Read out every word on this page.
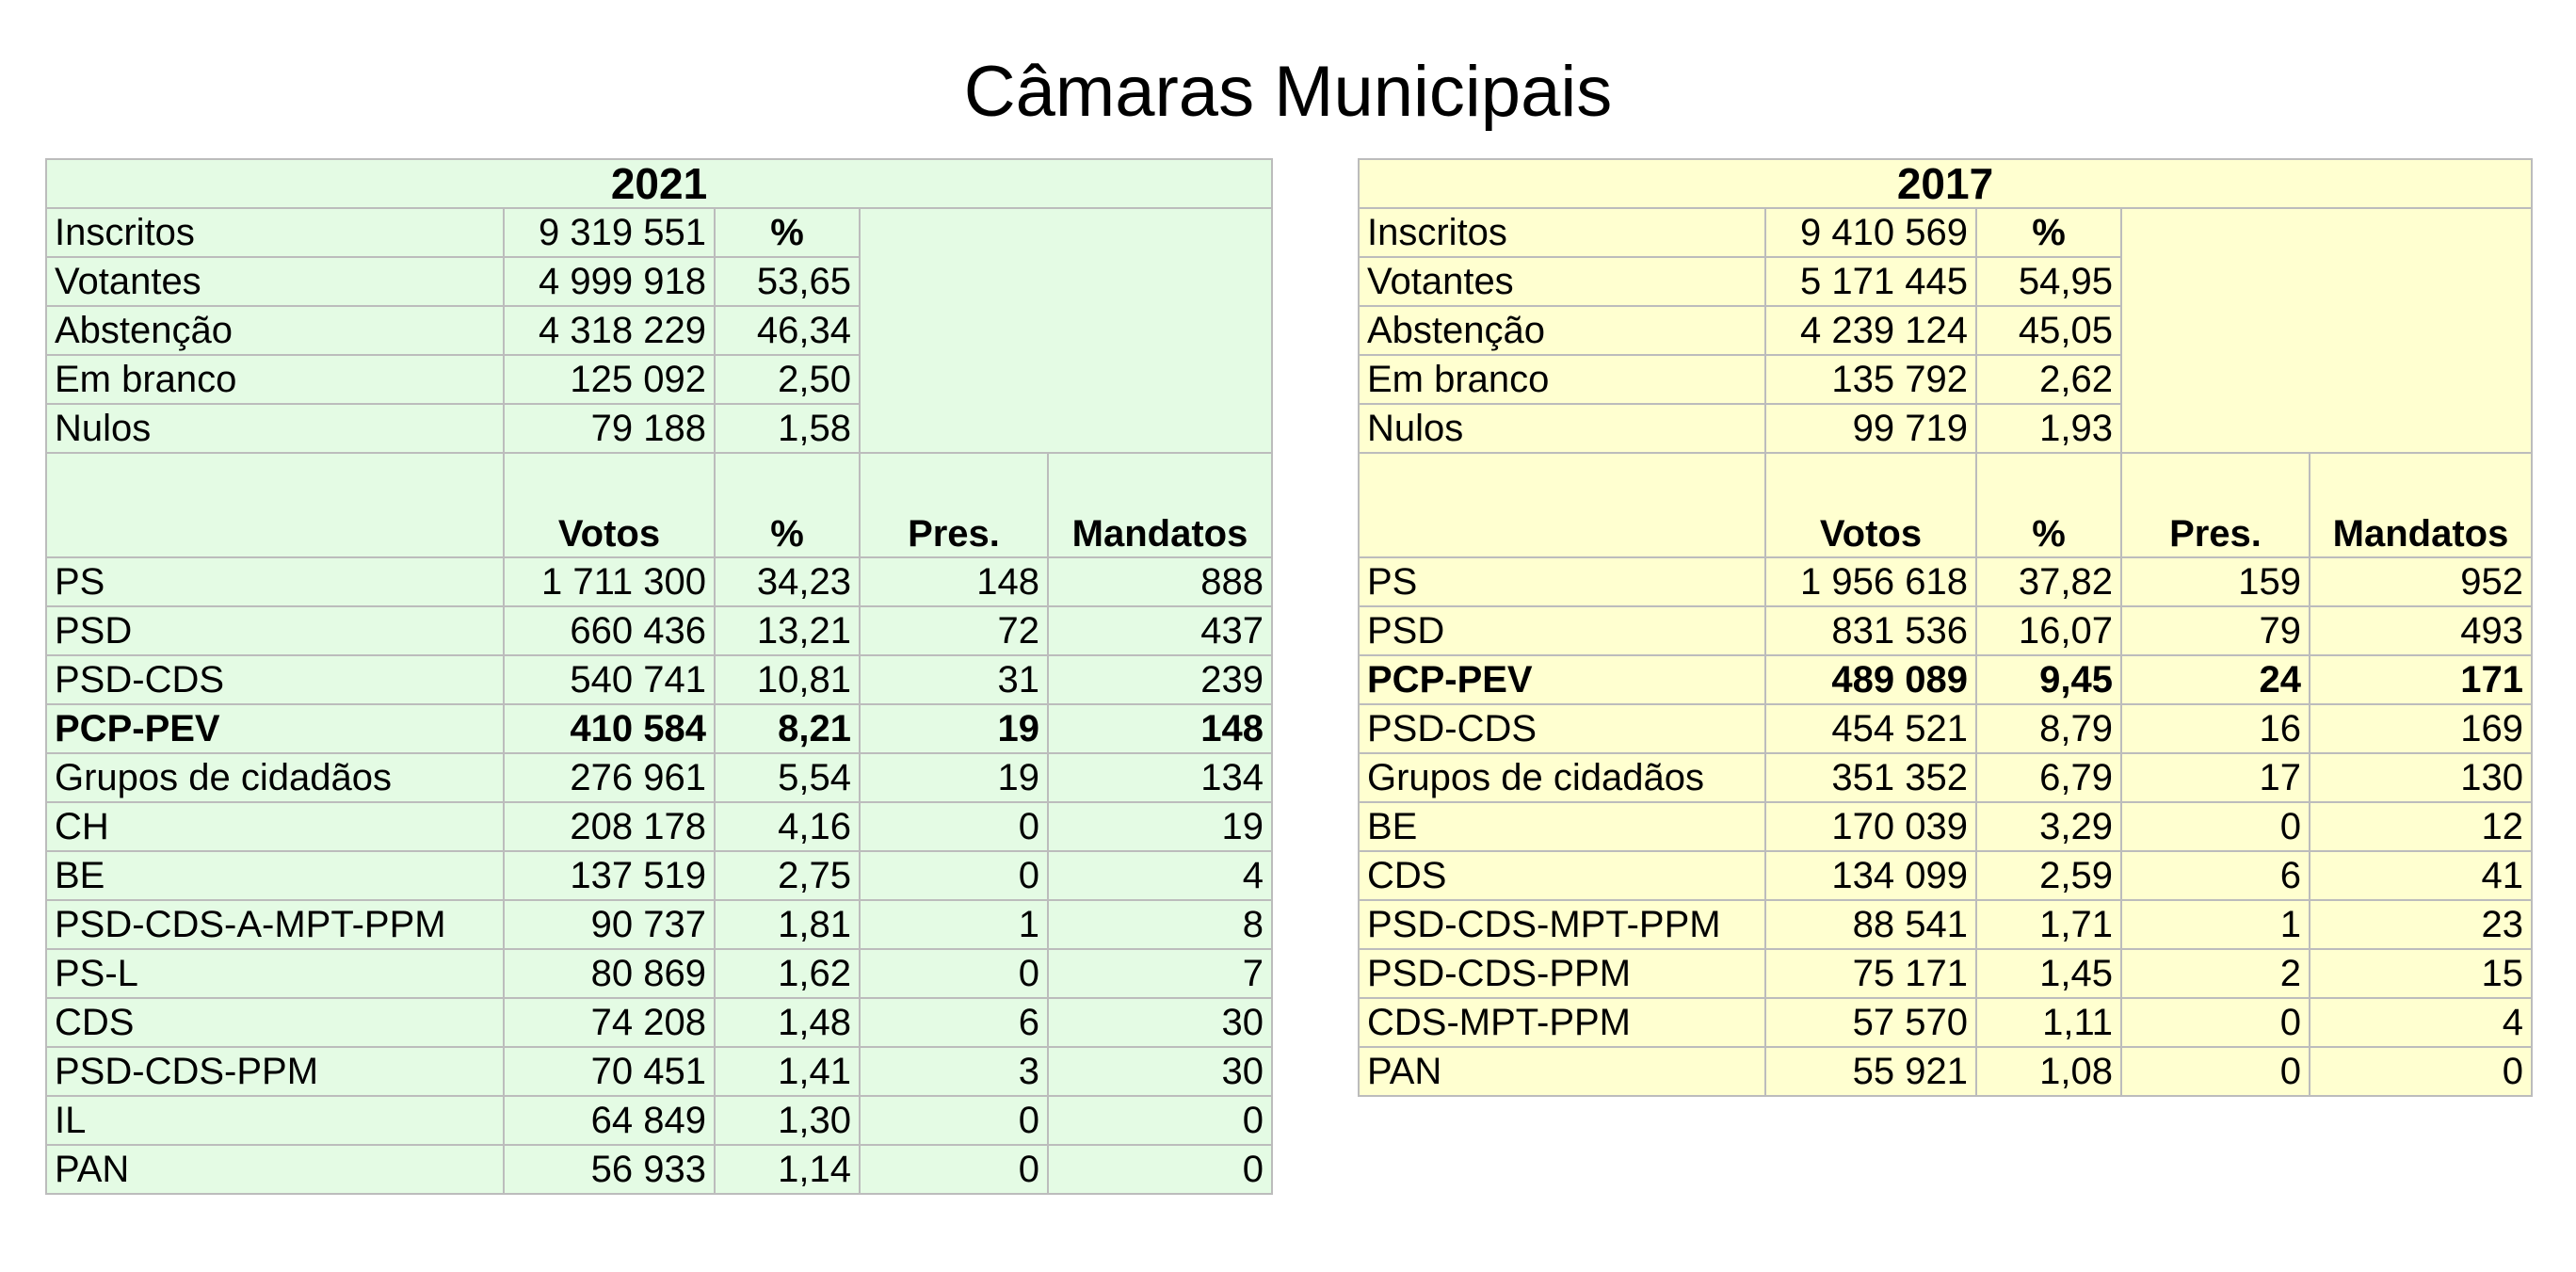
Câmaras Municipais
2021				
Inscritos	9 319 551	%		
Votantes	4 999 918	53,65		
Abstenção	4 318 229	46,34		
Em branco	125 092	2,50		
Nulos	79 188	1,58		
	Votos	%	Pres.	Mandatos
PS	1 711 300	34,23	148	888
PSD	660 436	13,21	72	437
PSD-CDS	540 741	10,81	31	239
PCP-PEV	410 584	8,21	19	148
Grupos de cidadãos	276 961	5,54	19	134
CH	208 178	4,16	0	19
BE	137 519	2,75	0	4
PSD-CDS-A-MPT-PPM	90 737	1,81	1	8
PS-L	80 869	1,62	0	7
CDS	74 208	1,48	6	30
PSD-CDS-PPM	70 451	1,41	3	30
IL	64 849	1,30	0	0
PAN	56 933	1,14	0	0
2017				
Inscritos	9 410 569	%		
Votantes	5 171 445	54,95		
Abstenção	4 239 124	45,05		
Em branco	135 792	2,62		
Nulos	99 719	1,93		
	Votos	%	Pres.	Mandatos
PS	1 956 618	37,82	159	952
PSD	831 536	16,07	79	493
PCP-PEV	489 089	9,45	24	171
PSD-CDS	454 521	8,79	16	169
Grupos de cidadãos	351 352	6,79	17	130
BE	170 039	3,29	0	12
CDS	134 099	2,59	6	41
PSD-CDS-MPT-PPM	88 541	1,71	1	23
PSD-CDS-PPM	75 171	1,45	2	15
CDS-MPT-PPM	57 570	1,11	0	4
PAN	55 921	1,08	0	0
